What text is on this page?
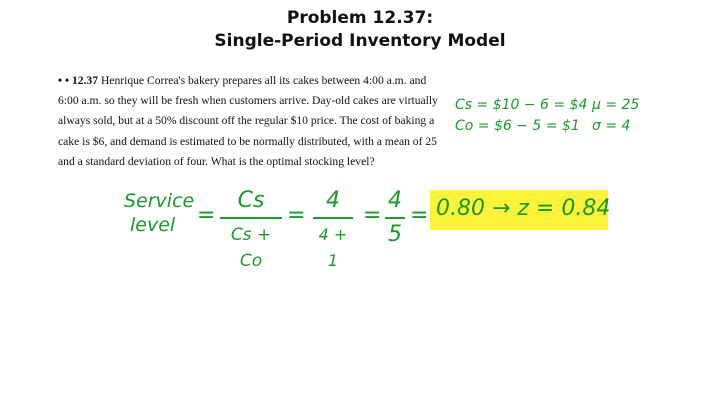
Problem 12.37:
Single-Period Inventory Model
• • 12.37 Henrique Correa's bakery prepares all its cakes between 4:00 a.m. and 6:00 a.m. so they will be fresh when customers arrive. Day-old cakes are virtually always sold, but at a 50% discount off the regular $10 price. The cost of baking a cake is $6, and demand is estimated to be normally distributed, with a mean of 25 and a standard deviation of four. What is the optimal stocking level?
Cs = $10 − 6 = $4
Co = $6 − 5 = $1
μ = 25
σ = 4
Service
level =
Cs
Cs + Co
=
4
4 + 1
=
4
5
= 0.80 → z = 0.84
